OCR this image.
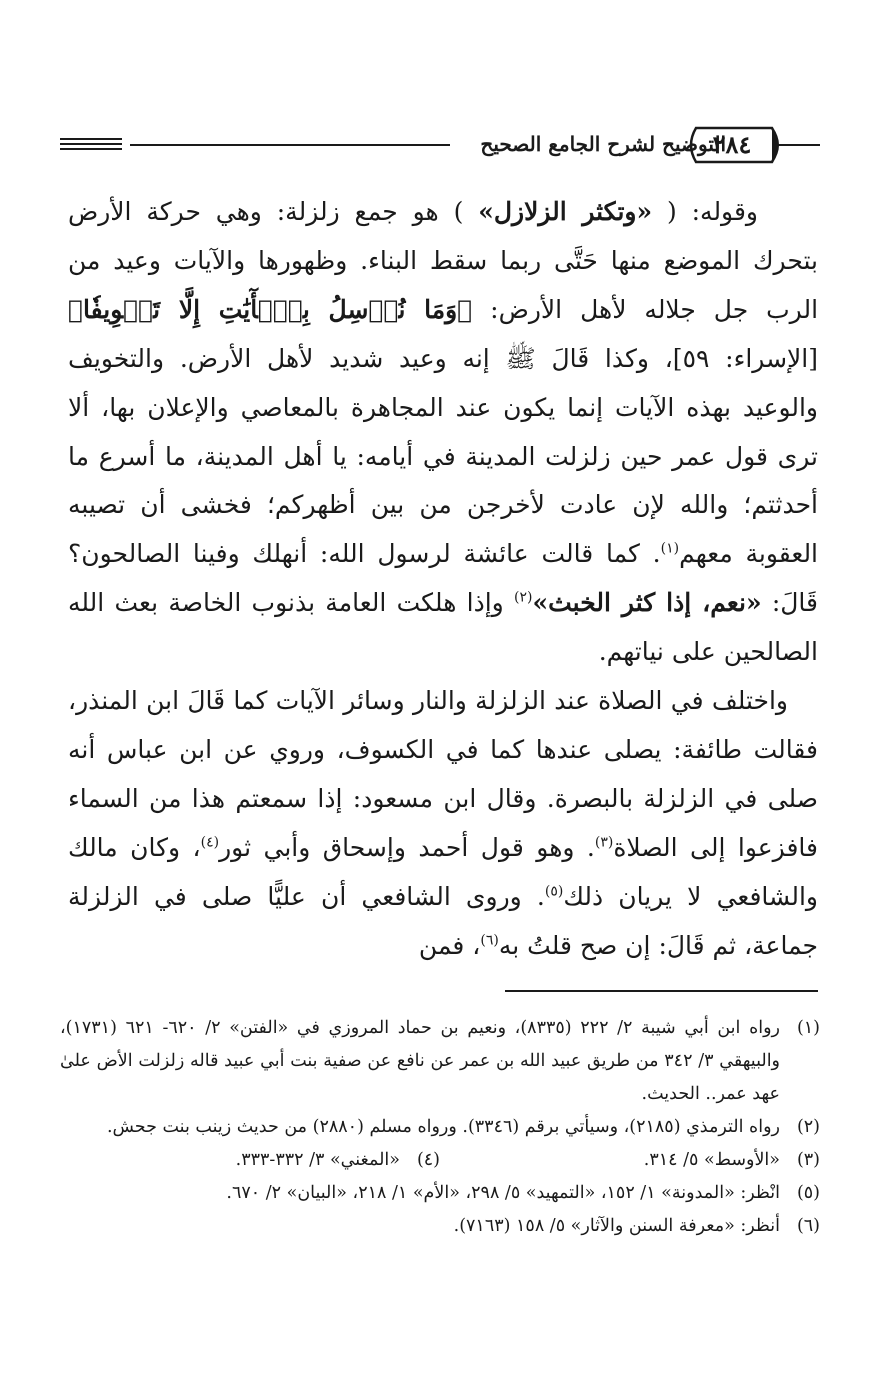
التوضيح لشرح الجامع الصحيح
٢٨٤

وقوله: ( «وتكثر الزلازل» ) هو جمع زلزلة: وهي حركة الأرض بتحرك الموضع منها حَتَّى ربما سقط البناء. وظهورها والآيات وعيد من الرب جل جلاله لأهل الأرض: ﴿وَمَا نُرۡسِلُ بِٱلۡأٓيَٰتِ إِلَّا تَخۡوِيفٗا﴾ [الإسراء: ٥٩]، وكذا قَالَ ﷺ إنه وعيد شديد لأهل الأرض. والتخويف والوعيد بهذه الآيات إنما يكون عند المجاهرة بالمعاصي والإعلان بها، ألا ترى قول عمر حين زلزلت المدينة في أيامه: يا أهل المدينة، ما أسرع ما أحدثتم؛ والله لإن عادت لأخرجن من بين أظهركم؛ فخشى أن تصيبه العقوبة معهم$^{(١)}$. كما قالت عائشة لرسول الله: أنهلك وفينا الصالحون؟ قَالَ: «نعم، إذا كثر الخبث»$^{(٢)}$ وإذا هلكت العامة بذنوب الخاصة بعث الله الصالحين على نياتهم.

واختلف في الصلاة عند الزلزلة والنار وسائر الآيات كما قَالَ ابن المنذر، فقالت طائفة: يصلى عندها كما في الكسوف، وروي عن ابن عباس أنه صلى في الزلزلة بالبصرة. وقال ابن مسعود: إذا سمعتم هذا من السماء فافزعوا إلى الصلاة$^{(٣)}$. وهو قول أحمد وإسحاق وأبي ثور$^{(٤)}$، وكان مالك والشافعي لا يريان ذلك$^{(٥)}$. وروى الشافعي أن عليًّا صلى في الزلزلة جماعة، ثم قَالَ: إن صح قلتُ به$^{(٦)}$، فمن

(١)
رواه ابن أبي شيبة ٢/ ٢٢٢ (٨٣٣٥)، ونعيم بن حماد المروزي في «الفتن» ٢/ ٦٢٠- ٦٢١ (١٧٣١)، والبيهقي ٣/ ٣٤٢ من طريق عبيد الله بن عمر عن نافع عن صفية بنت أبي عبيد قاله زلزلت الأض علىٰ عهد عمر.. الحديث.
(٢)
رواه الترمذي (٢١٨٥)، وسيأتي برقم (٣٣٤٦). ورواه مسلم (٢٨٨٠) من حديث زينب بنت جحش.
(٣)
«الأوسط» ٥/ ٣١٤.
(٤)
«المغني» ٣/ ٣٣٢-٣٣٣.
(٥)
انْظر: «المدونة» ١/ ١٥٢، «التمهيد» ٥/ ٢٩٨، «الأم» ١/ ٢١٨، «البيان» ٢/ ٦٧٠.
(٦)
أنظر: «معرفة السنن والآثار» ٥/ ١٥٨ (٧١٦٣).
